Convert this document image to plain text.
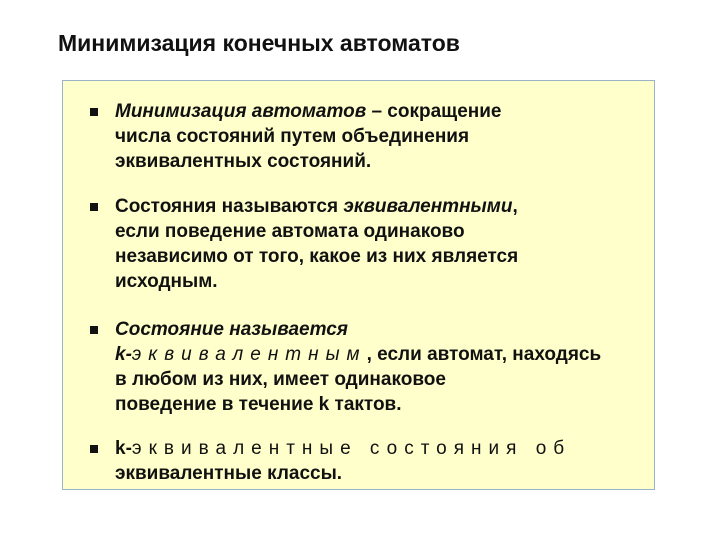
Минимизация конечных автоматов
Минимизация автоматов – сокращение
числа состояний путем объединения
эквивалентных состояний.
Состояния называются эквивалентными,
если поведение автомата одинаково
независимо от того, какое из них является
исходным.
Состояние называется
k-эквивалентным, если автомат, находясь
в любом из них, имеет одинаковое
поведение в течение k тактов.
k-эквивалентные состояния об
эквивалентные классы.
